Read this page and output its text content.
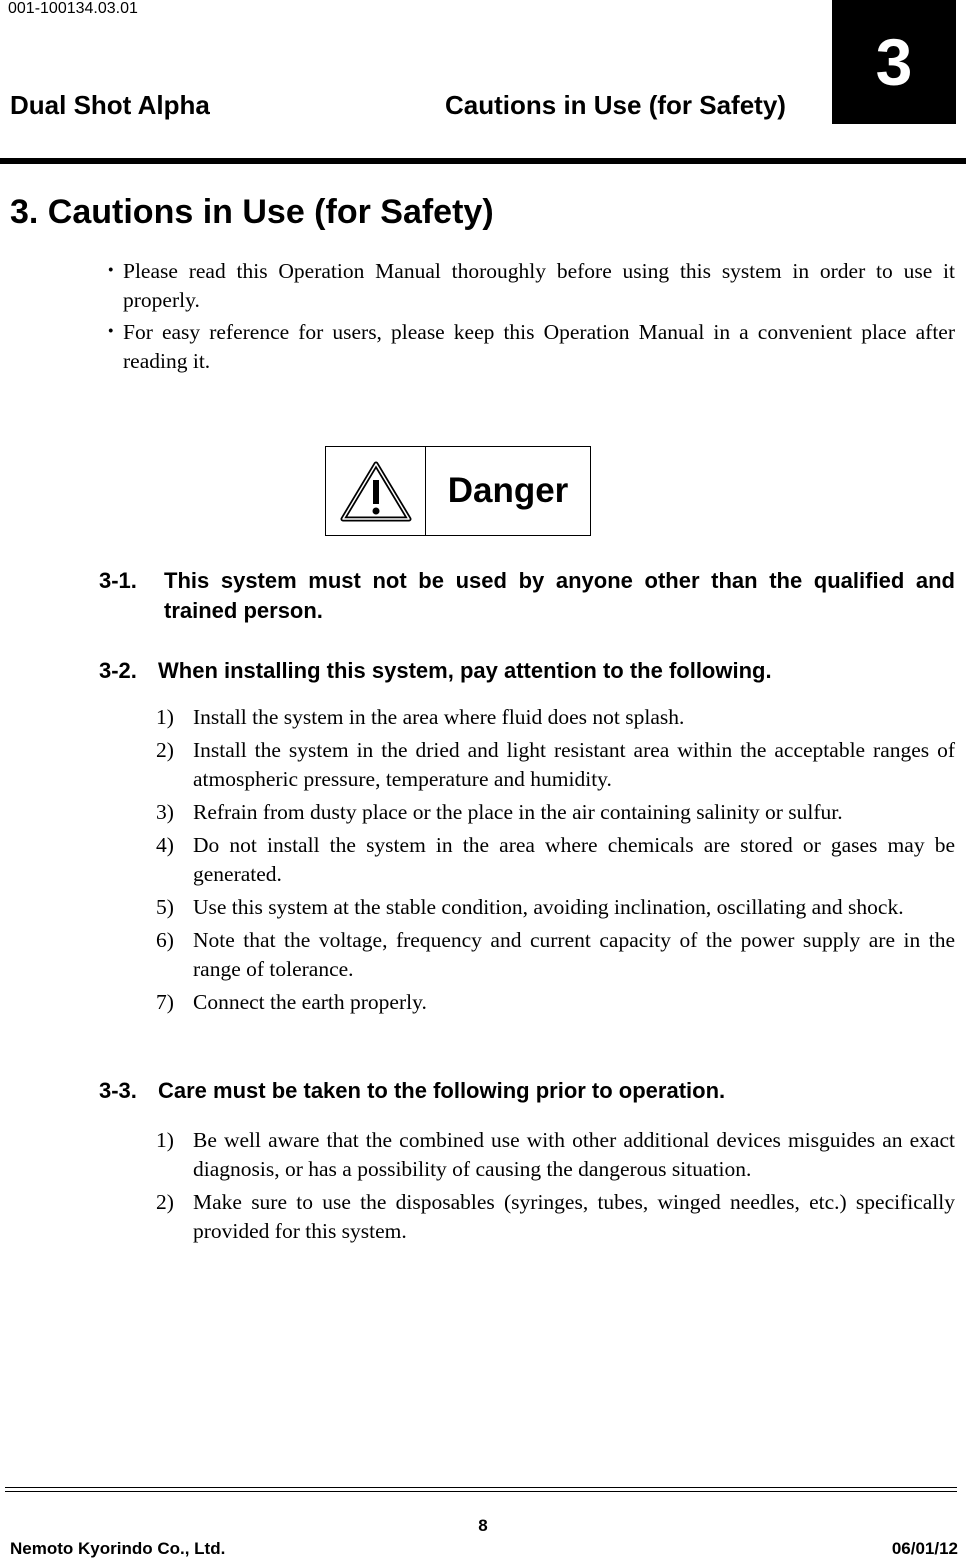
001-100134.03.01
Dual Shot Alpha	Cautions in Use (for Safety)
3
3. Cautions in Use (for Safety)
・ Please read this Operation Manual thoroughly before using this system in order to use it properly.
・ For easy reference for users, please keep this Operation Manual in a convenient place after reading it.
Danger
3-1.	This system must not be used by anyone other than the qualified and trained person.
3-2. When installing this system, pay attention to the following.
1) Install the system in the area where fluid does not splash.
2) Install the system in the dried and light resistant area within the acceptable ranges of atmospheric pressure, temperature and humidity.
3) Refrain from dusty place or the place in the air containing salinity or sulfur.
4) Do not install the system in the area where chemicals are stored or gases may be generated.
5) Use this system at the stable condition, avoiding inclination, oscillating and shock.
6) Note that the voltage, frequency and current capacity of the power supply are in the range of tolerance.
7) Connect the earth properly.
3-3. Care must be taken to the following prior to operation.
1) Be well aware that the combined use with other additional devices misguides an exact diagnosis, or has a possibility of causing the dangerous situation.
2) Make sure to use the disposables (syringes, tubes, winged needles, etc.) specifically provided for this system.
8
Nemoto Kyorindo Co., Ltd.	06/01/12
